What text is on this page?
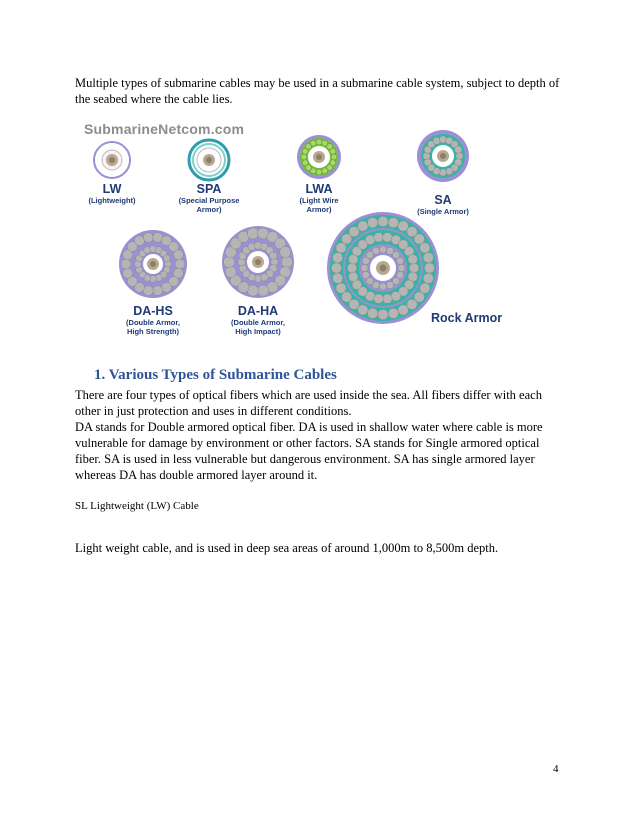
Multiple types of submarine cables may be used in a submarine cable system, subject to depth of the seabed where the cable lies.
SubmarineNetcom.com
LW
(Lightweight)
SPA
(Special Purpose
Armor)
LWA
(Light Wire
Armor)
SA
(Single Armor)
DA-HS
(Double Armor,
High Strength)
DA-HA
(Double Armor,
High Impact)
Rock Armor
1. Various Types of Submarine Cables

There are four types of optical fibers which are used inside the sea. All fibers differ with each other in just protection and uses in different conditions.

DA stands for Double armored optical fiber. DA is used in shallow water where cable is more vulnerable for damage by environment or other factors. SA stands for Single armored optical fiber. SA is used in less vulnerable but dangerous environment. SA has single armored layer whereas DA has double armored layer around it.

SL Lightweight (LW) Cable
Light weight cable, and is used in deep sea areas of around 1,000m to 8,500m depth.
4
